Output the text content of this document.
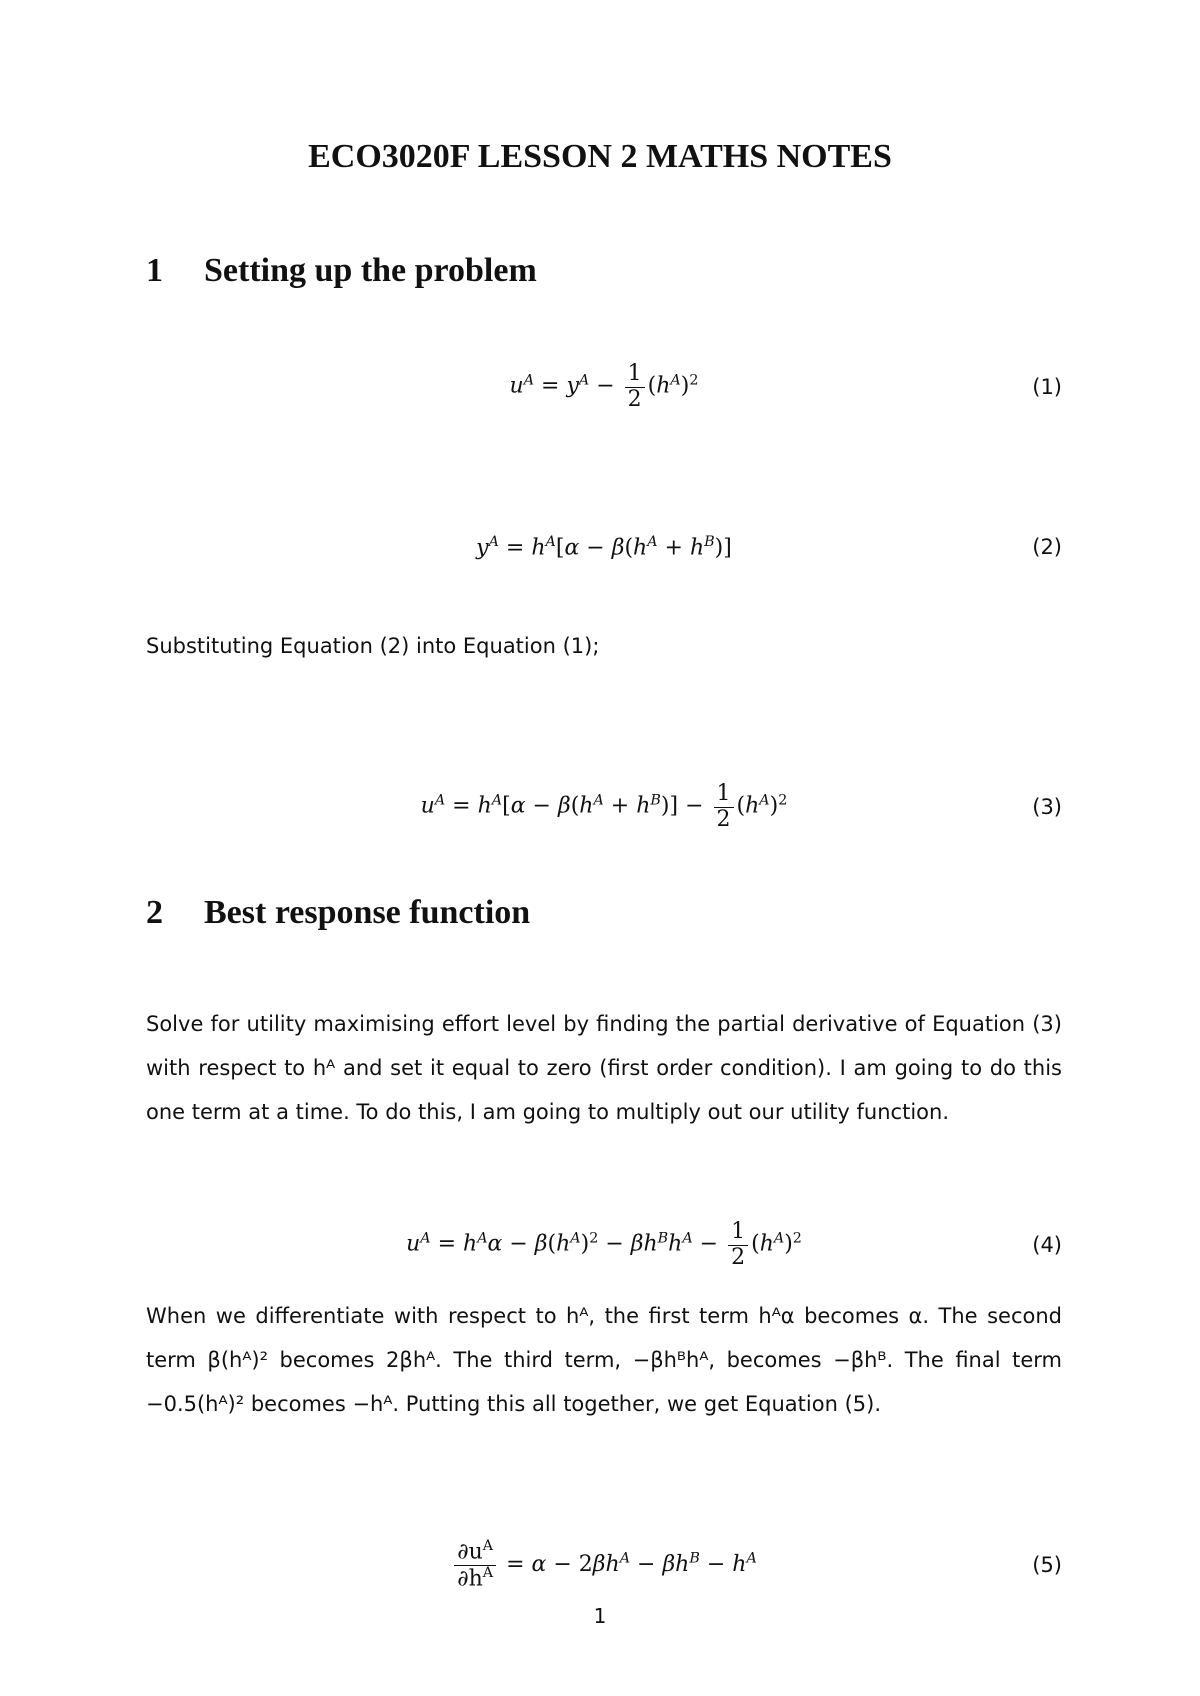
ECO3020F LESSON 2 MATHS NOTES
1 Setting up the problem
$u^A = y^A - \frac{1}{2} (h^A)^2$	(1)
$y^A = h^A[\alpha - \beta(h^A + h^B)]$	(2)
Substituting Equation (2) into Equation (1);
$u^A = h^A[\alpha - \beta(h^A + h^B)] - \frac{1}{2} (h^A)^2$	(3)
2 Best response function
Solve for utility maximising effort level by finding the partial derivative of Equation (3) with respect to hᴬ and set it equal to zero (first order condition). I am going to do this one term at a time. To do this, I am going to multiply out our utility function.
$u^A = h^A\alpha - \beta(h^A)^2 - \beta h^Bh^A - \frac{1}{2} (h^A)^2$	(4)
When we differentiate with respect to hᴬ, the first term hᴬα becomes α. The second term β(hᴬ)² becomes 2βhᴬ. The third term, −βhᴮhᴬ, becomes −βhᴮ. The final term −0.5(hᴬ)² becomes −hᴬ. Putting this all together, we get Equation (5).
$\frac{\partial u^A}{\partial h^A} = \alpha - 2\beta h^A - \beta h^B - h^A$	(5)
1
